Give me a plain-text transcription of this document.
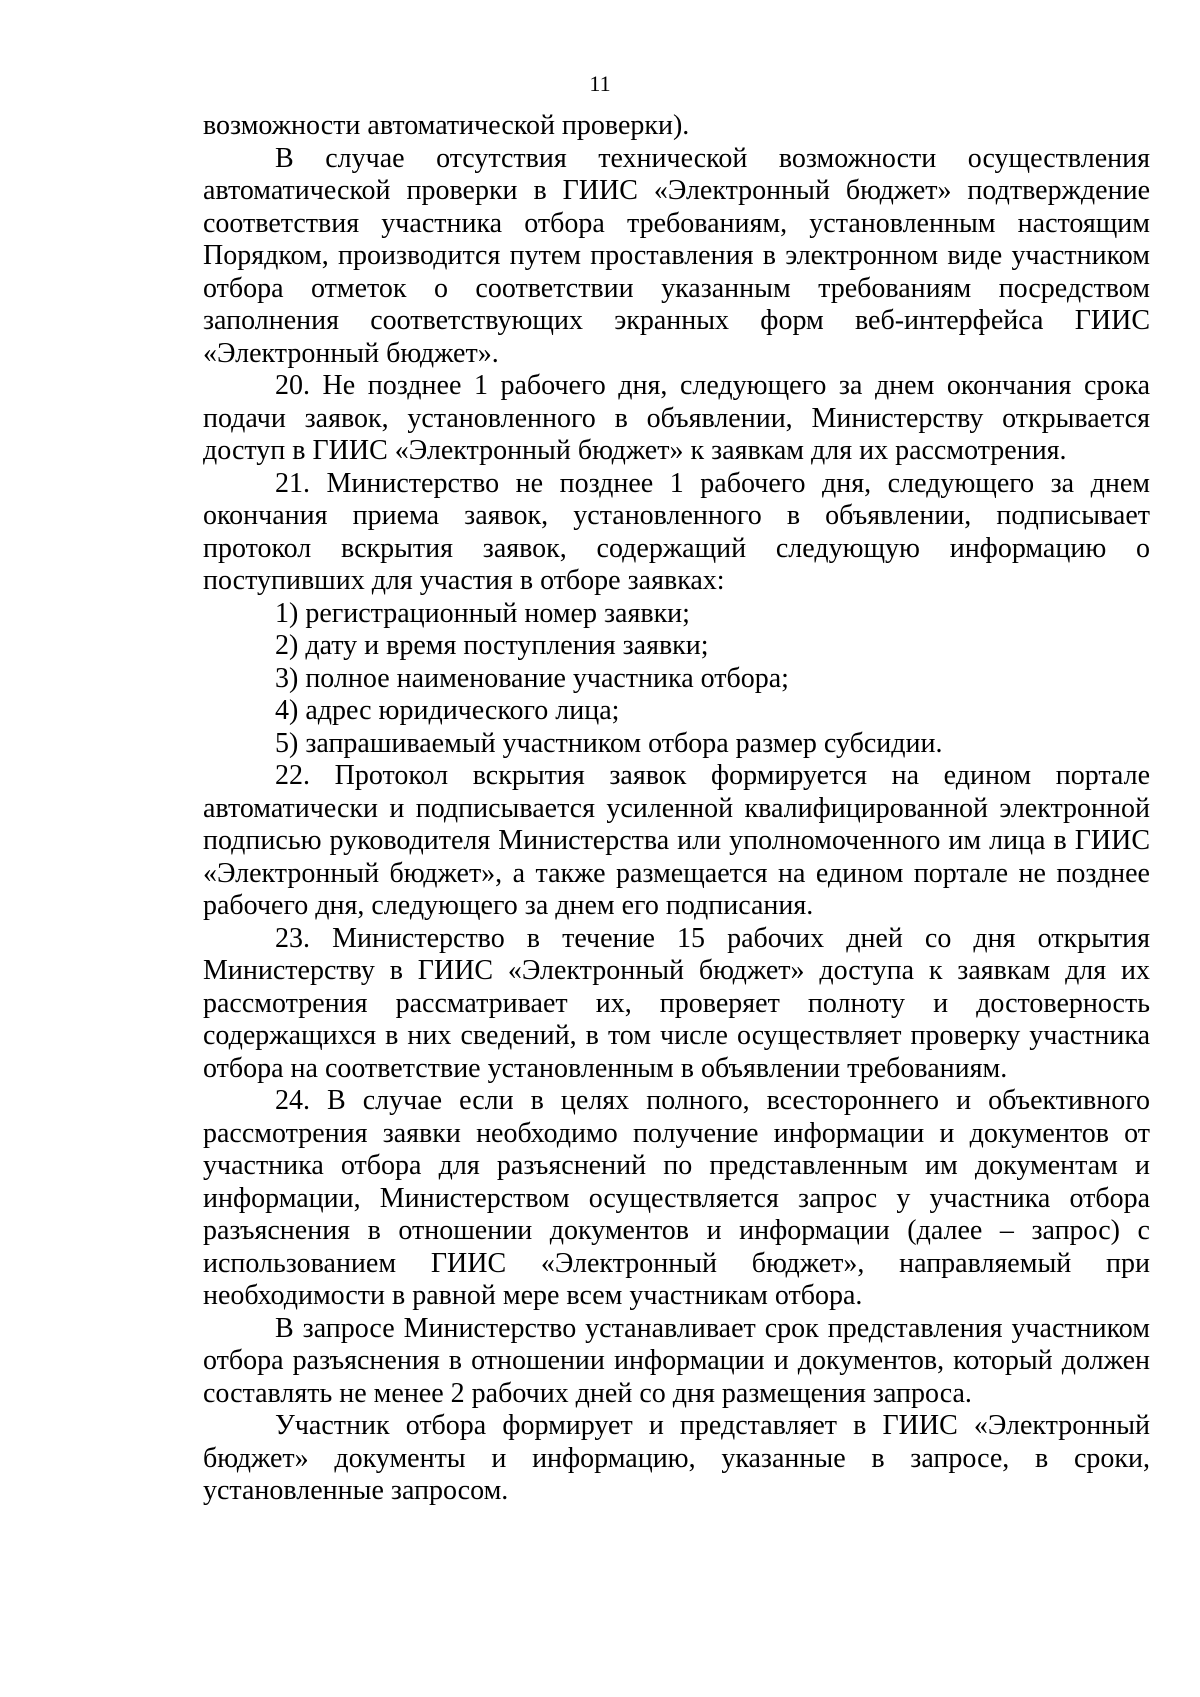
11

возможности автоматической проверки).

В случае отсутствия технической возможности осуществления автоматической проверки в ГИИС «Электронный бюджет» подтверждение соответствия участника отбора требованиям, установленным настоящим Порядком, производится путем проставления в электронном виде участником отбора отметок о соответствии указанным требованиям посредством заполнения соответствующих экранных форм веб-интерфейса ГИИС «Электронный бюджет».

20. Не позднее 1 рабочего дня, следующего за днем окончания срока подачи заявок, установленного в объявлении, Министерству открывается доступ в ГИИС «Электронный бюджет» к заявкам для их рассмотрения.

21. Министерство не позднее 1 рабочего дня, следующего за днем окончания приема заявок, установленного в объявлении, подписывает протокол вскрытия заявок, содержащий следующую информацию о поступивших для участия в отборе заявках:

1) регистрационный номер заявки;

2) дату и время поступления заявки;

3) полное наименование участника отбора;

4) адрес юридического лица;

5) запрашиваемый участником отбора размер субсидии.

22. Протокол вскрытия заявок формируется на едином портале автоматически и подписывается усиленной квалифицированной электронной подписью руководителя Министерства или уполномоченного им лица в ГИИС «Электронный бюджет», а также размещается на едином портале не позднее рабочего дня, следующего за днем его подписания.

23. Министерство в течение 15 рабочих дней со дня открытия Министерству в ГИИС «Электронный бюджет» доступа к заявкам для их рассмотрения рассматривает их, проверяет полноту и достоверность содержащихся в них сведений, в том числе осуществляет проверку участника отбора на соответствие установленным в объявлении требованиям.

24. В случае если в целях полного, всестороннего и объективного рассмотрения заявки необходимо получение информации и документов от участника отбора для разъяснений по представленным им документам и информации, Министерством осуществляется запрос у участника отбора разъяснения в отношении документов и информации (далее – запрос) с использованием ГИИС «Электронный бюджет», направляемый при необходимости в равной мере всем участникам отбора.

В запросе Министерство устанавливает срок представления участником отбора разъяснения в отношении информации и документов, который должен составлять не менее 2 рабочих дней со дня размещения запроса.

Участник отбора формирует и представляет в ГИИС «Электронный бюджет» документы и информацию, указанные в запросе, в сроки, установленные запросом.
